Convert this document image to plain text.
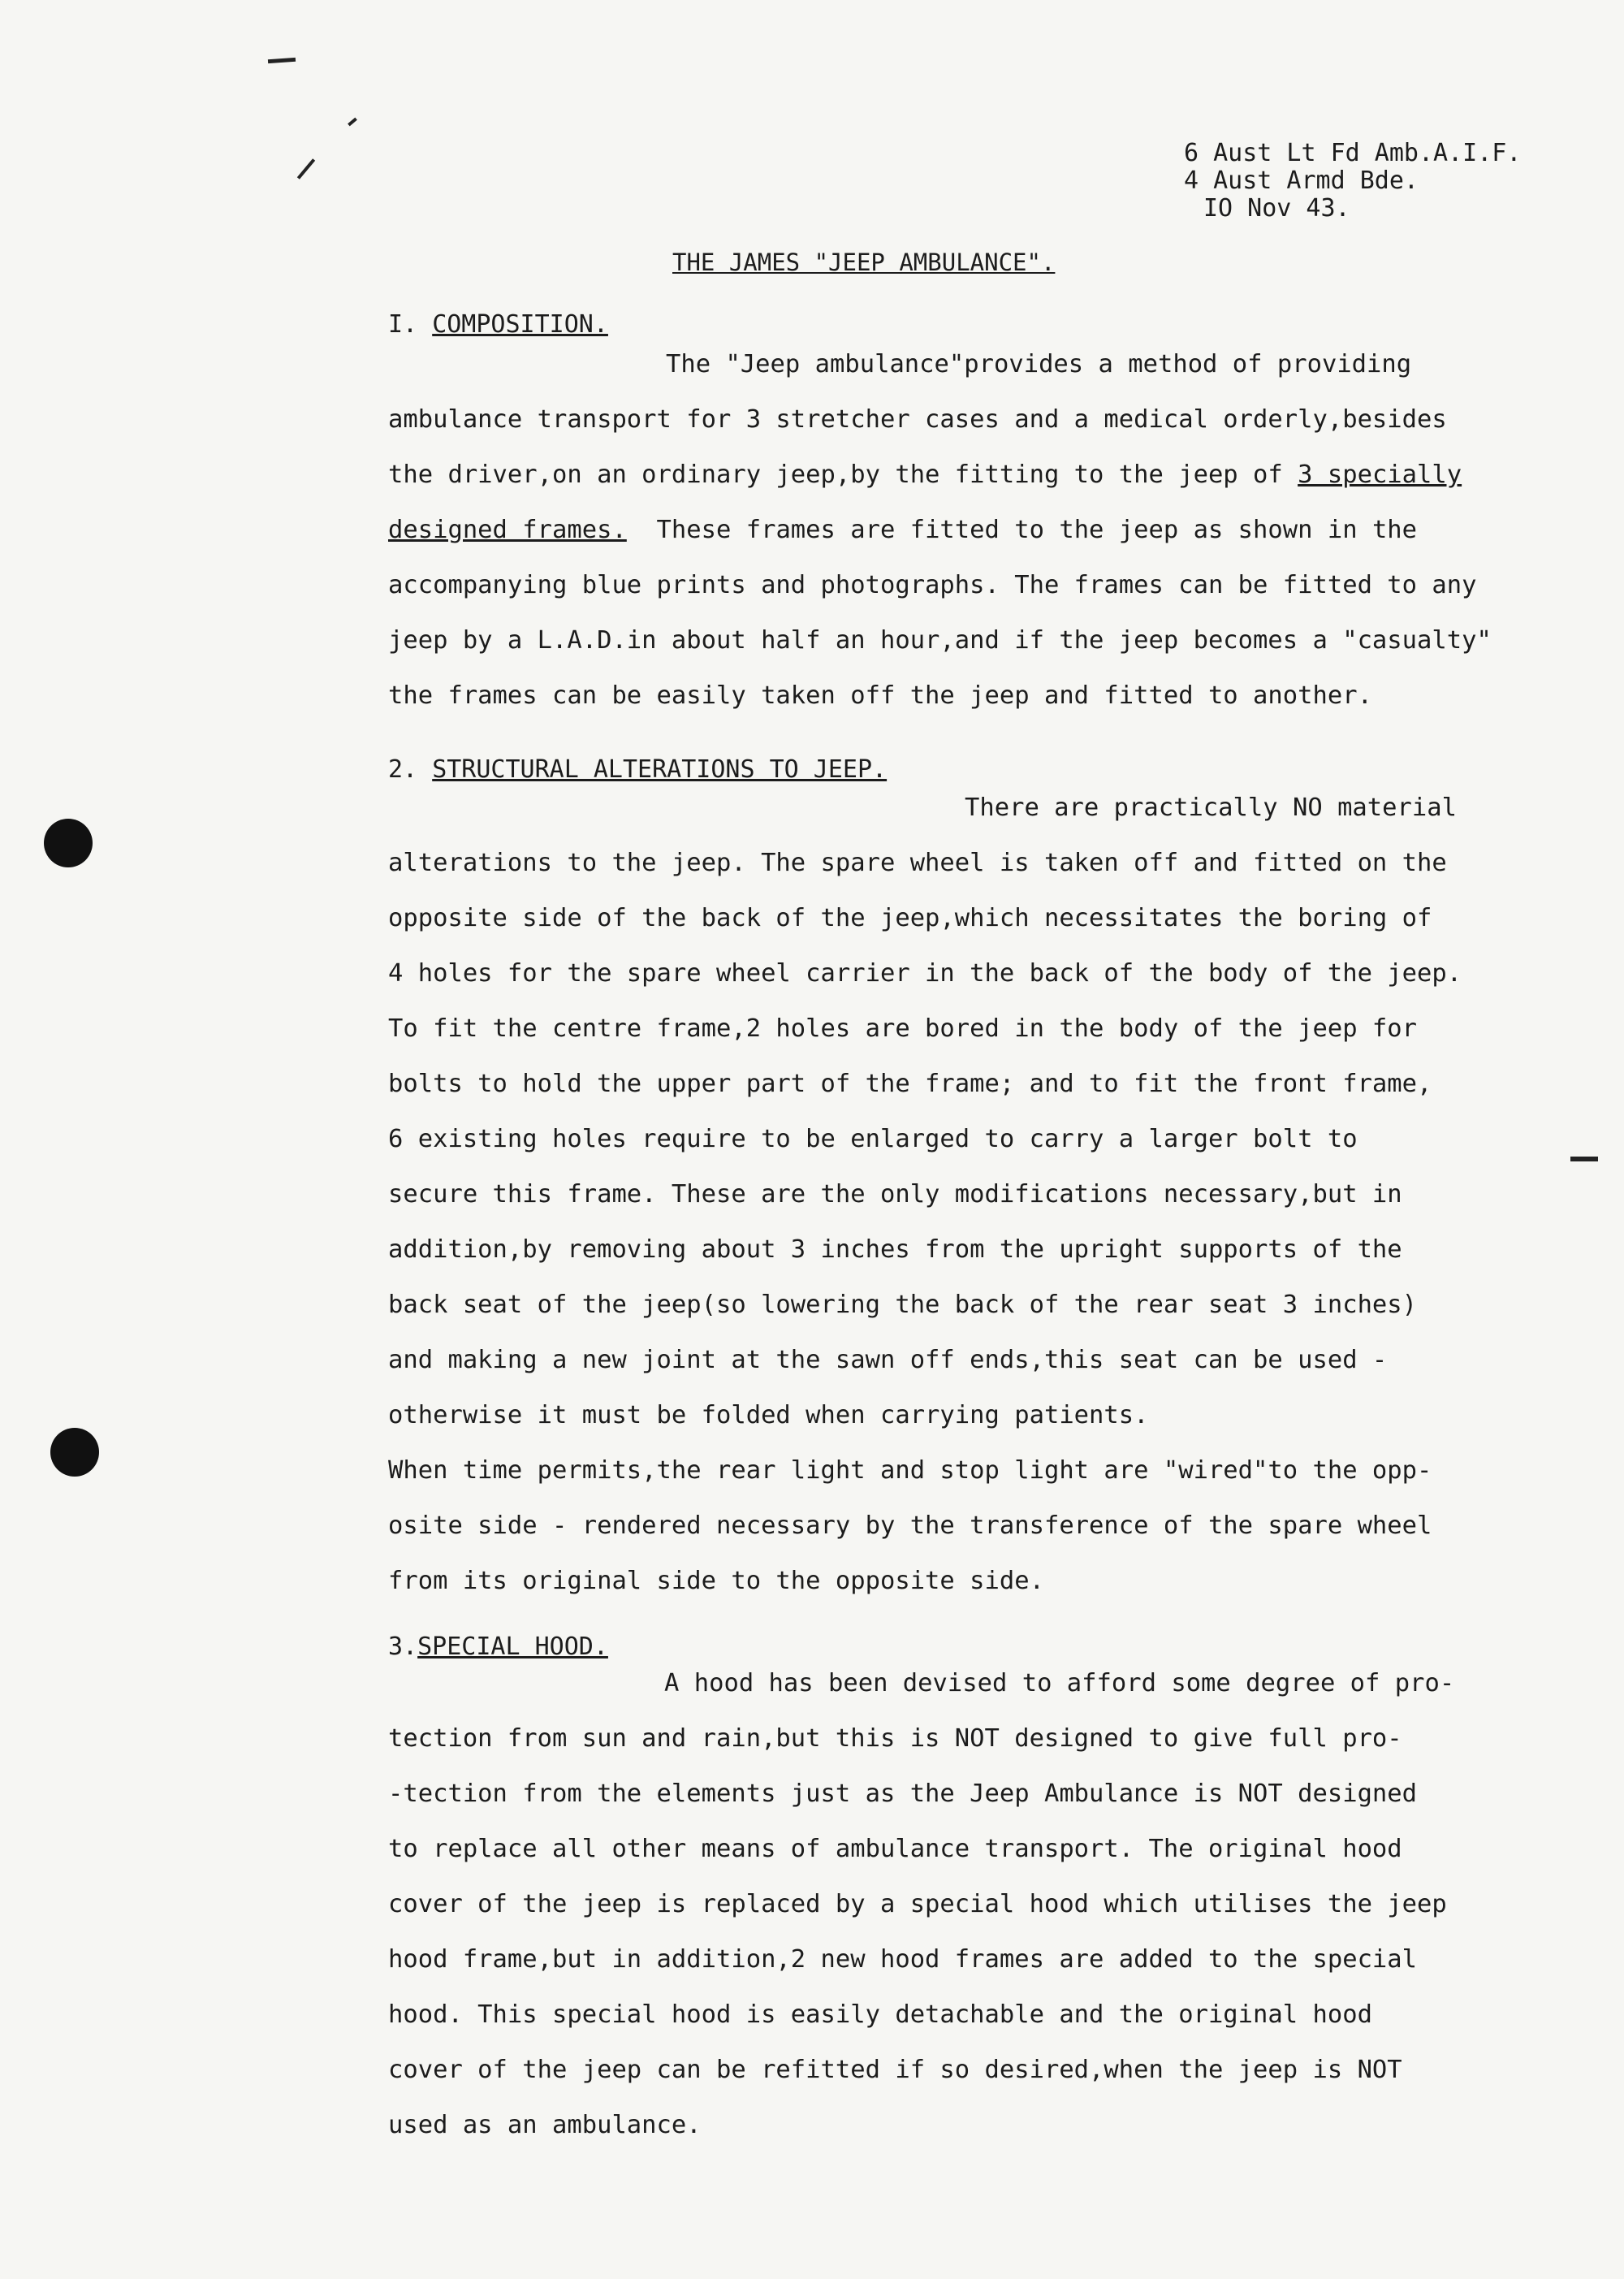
6 Aust Lt Fd Amb.A.I.F.
4 Aust Armd Bde.
IO Nov 43.
THE JAMES "JEEP AMBULANCE".
I. COMPOSITION.
The "Jeep ambulance"provides a method of providing
ambulance transport for 3 stretcher cases and a medical orderly,besides
the driver,on an ordinary jeep,by the fitting to the jeep of 3 specially
designed frames.  These frames are fitted to the jeep as shown in the
accompanying blue prints and photographs. The frames can be fitted to any
jeep by a L.A.D.in about half an hour,and if the jeep becomes a "casualty"
the frames can be easily taken off the jeep and fitted to another.
2. STRUCTURAL ALTERATIONS TO JEEP.
There are practically NO material
alterations to the jeep. The spare wheel is taken off and fitted on the
opposite side of the back of the jeep,which necessitates the boring of
4 holes for the spare wheel carrier in the back of the body of the jeep.
To fit the centre frame,2 holes are bored in the body of the jeep for
bolts to hold the upper part of the frame; and to fit the front frame,
6 existing holes require to be enlarged to carry a larger bolt to
secure this frame. These are the only modifications necessary,but in
addition,by removing about 3 inches from the upright supports of the
back seat of the jeep(so lowering the back of the rear seat 3 inches)
and making a new joint at the sawn off ends,this seat can be used -
otherwise it must be folded when carrying patients.
When time permits,the rear light and stop light are "wired"to the opp-
osite side - rendered necessary by the transference of the spare wheel
from its original side to the opposite side.
3.SPECIAL HOOD.
A hood has been devised to afford some degree of pro-
tection from sun and rain,but this is NOT designed to give full pro-
-tection from the elements just as the Jeep Ambulance is NOT designed
to replace all other means of ambulance transport. The original hood
cover of the jeep is replaced by a special hood which utilises the jeep
hood frame,but in addition,2 new hood frames are added to the special
hood. This special hood is easily detachable and the original hood
cover of the jeep can be refitted if so desired,when the jeep is NOT
used as an ambulance.
